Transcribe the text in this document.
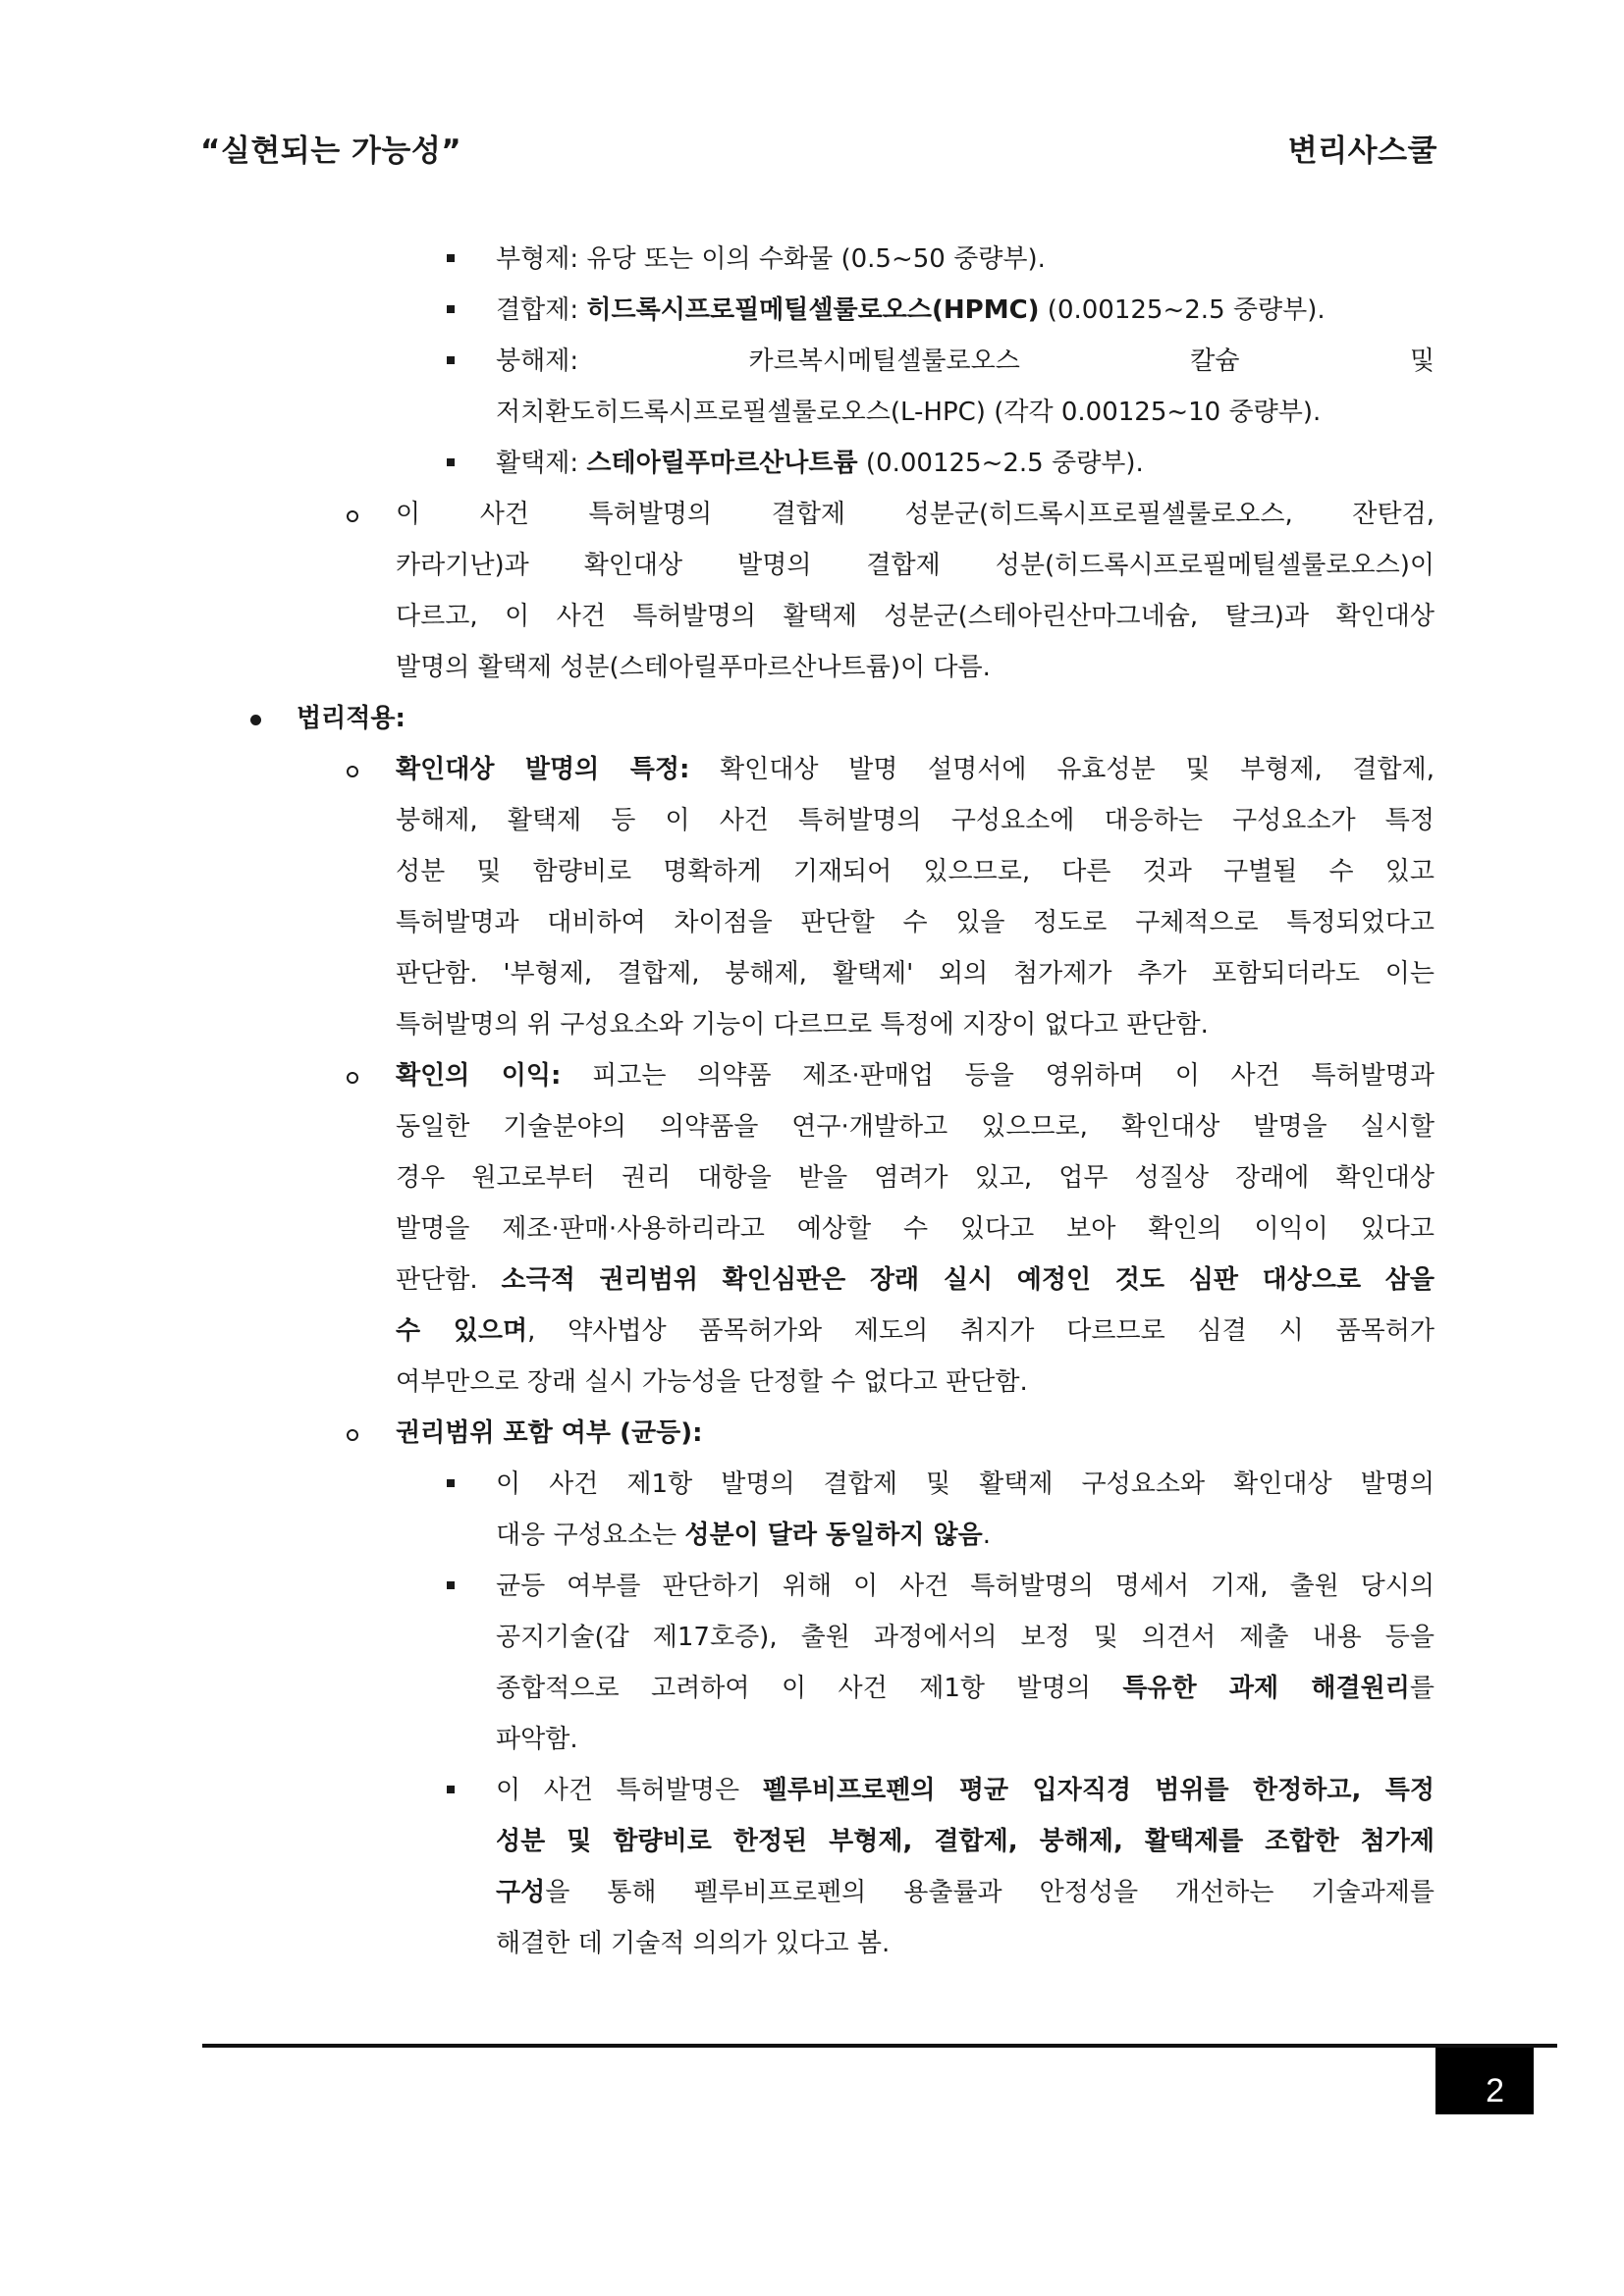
“실현되는 가능성”	변리사스쿨
부형제: 유당 또는 이의 수화물 (0.5~50 중량부).
결합제: 히드록시프로필메틸셀룰로오스(HPMC) (0.00125~2.5 중량부).
붕해제:	카르복시메틸셀룰로오스	칼슘	및
저치환도히드록시프로필셀룰로오스(L-HPC) (각각 0.00125~10 중량부).
활택제: 스테아릴푸마르산나트륨 (0.00125~2.5 중량부).
이 사건 특허발명의 결합제 성분군(히드록시프로필셀룰로오스, 잔탄검,
카라기난)과 확인대상 발명의 결합제 성분(히드록시프로필메틸셀룰로오스)이
다르고, 이 사건 특허발명의 활택제 성분군(스테아린산마그네슘, 탈크)과 확인대상
발명의 활택제 성분(스테아릴푸마르산나트륨)이 다름.
법리적용:
확인대상 발명의 특정: 확인대상 발명 설명서에 유효성분 및 부형제, 결합제,
붕해제, 활택제 등 이 사건 특허발명의 구성요소에 대응하는 구성요소가 특정
성분 및 함량비로 명확하게 기재되어 있으므로, 다른 것과 구별될 수 있고
특허발명과 대비하여 차이점을 판단할 수 있을 정도로 구체적으로 특정되었다고
판단함. '부형제, 결합제, 붕해제, 활택제' 외의 첨가제가 추가 포함되더라도 이는
특허발명의 위 구성요소와 기능이 다르므로 특정에 지장이 없다고 판단함.
확인의 이익: 피고는 의약품 제조·판매업 등을 영위하며 이 사건 특허발명과
동일한 기술분야의 의약품을 연구·개발하고 있으므로, 확인대상 발명을 실시할
경우 원고로부터 권리 대항을 받을 염려가 있고, 업무 성질상 장래에 확인대상
발명을 제조·판매·사용하리라고 예상할 수 있다고 보아 확인의 이익이 있다고
판단함. 소극적 권리범위 확인심판은 장래 실시 예정인 것도 심판 대상으로 삼을
수 있으며, 약사법상 품목허가와 제도의 취지가 다르므로 심결 시 품목허가
여부만으로 장래 실시 가능성을 단정할 수 없다고 판단함.
권리범위 포함 여부 (균등):
이 사건 제1항 발명의 결합제 및 활택제 구성요소와 확인대상 발명의
대응 구성요소는 성분이 달라 동일하지 않음.
균등 여부를 판단하기 위해 이 사건 특허발명의 명세서 기재, 출원 당시의
공지기술(갑 제17호증), 출원 과정에서의 보정 및 의견서 제출 내용 등을
종합적으로 고려하여 이 사건 제1항 발명의 특유한 과제 해결원리를
파악함.
이 사건 특허발명은 펠루비프로펜의 평균 입자직경 범위를 한정하고, 특정
성분 및 함량비로 한정된 부형제, 결합제, 붕해제, 활택제를 조합한 첨가제
구성을 통해 펠루비프로펜의 용출률과 안정성을 개선하는 기술과제를
해결한 데 기술적 의의가 있다고 봄.
2
